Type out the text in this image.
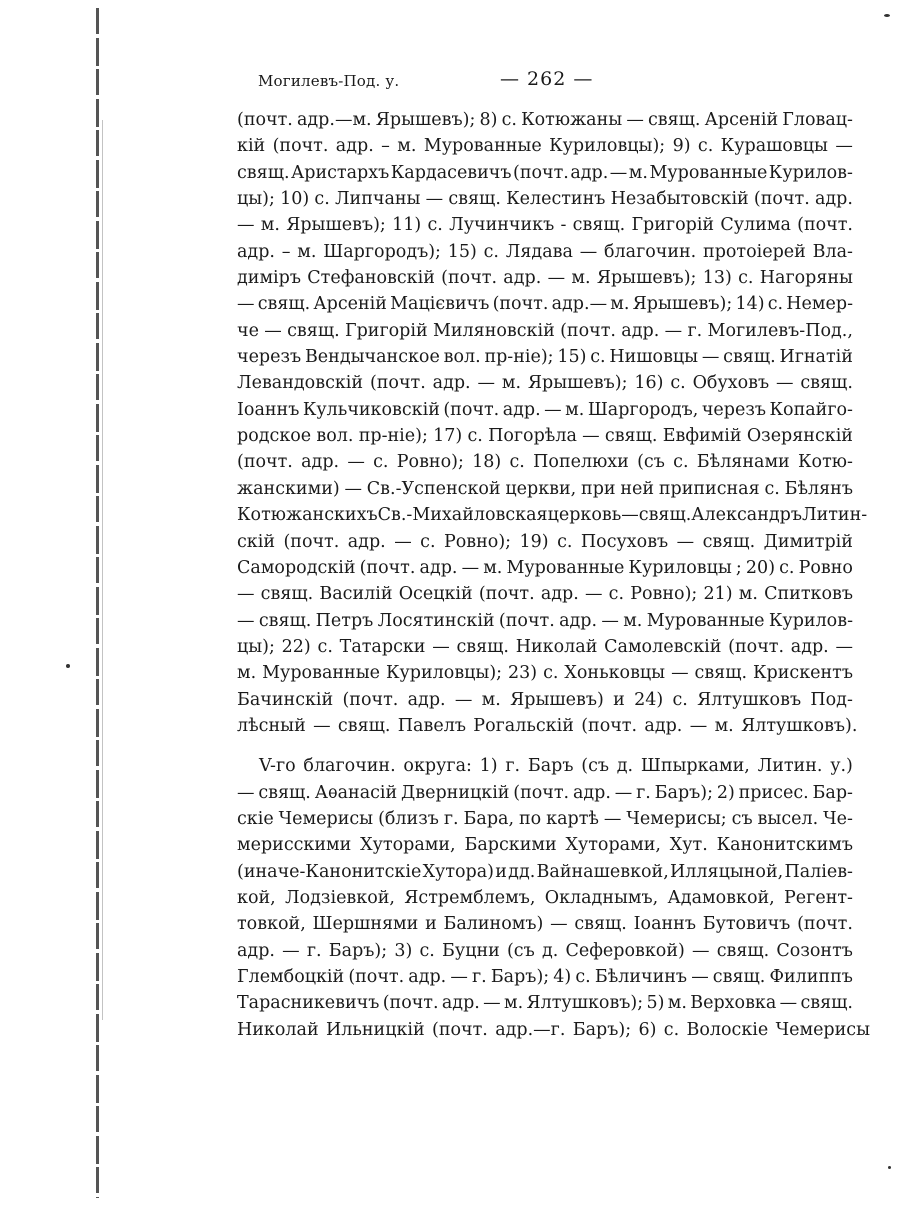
Могилевъ-Под. у.	— 262 —
(почт. адр.—м. Ярышевъ); 8) с. Котюжаны — свящ. Арсеній Гловац-
кій (почт. адр. – м. Мурованные Куриловцы); 9) с. Курашовцы —
свящ. Аристархъ Кардасевичъ (почт. адр. — м. Мурованные Курилов-
цы); 10) с. Липчаны — свящ. Келестинъ Незабытовскій (почт. адр.
— м. Ярышевъ); 11) с. Лучинчикъ - свящ. Григорій Сулима (почт.
адр. – м. Шаргородъ); 15) с. Лядава — благочин. протоіерей Вла-
диміръ Стефановскій (почт. адр. — м. Ярышевъ); 13) с. Нагоряны
— свящ. Арсеній Мацієвичъ (почт. адр.— м. Ярышевъ); 14) с. Немер-
че — свящ. Григорій Миляновскій (почт. адр. — г. Могилевъ-Под.,
черезъ Вендычанское вол. пр-ніе); 15) с. Нишовцы — свящ. Игнатій
Левандовскій (почт. адр. — м. Ярышевъ); 16) с. Обуховъ — свящ.
Іоаннъ Кульчиковскій (почт. адр. — м. Шаргородъ, черезъ Копайго-
родское вол. пр-ніе); 17) с. Погорѣла — свящ. Евфимій Озерянскій
(почт. адр. — с. Ровно); 18) с. Попелюхи (съ с. Бѣлянами Котю-
жанскими) — Св.-Успенской церкви, при ней приписная с. Бѣлянъ
Котюжанскихъ Св.-Михайловская церковь — свящ. Александръ Литин-
скій (почт. адр. — с. Ровно); 19) с. Посуховъ — свящ. Димитрій
Самородскій (почт. адр. — м. Мурованные Куриловцы ; 20) с. Ровно
— свящ. Василій Осецкій (почт. адр. — с. Ровно); 21) м. Спитковъ
— свящ. Петръ Лосятинскій (почт. адр. — м. Мурованные Курилов-
цы); 22) с. Татарски — свящ. Николай Самолевскій (почт. адр. —
м. Мурованные Куриловцы); 23) с. Хоньковцы — свящ. Крискентъ
Бачинскій (почт. адр. — м. Ярышевъ) и 24) с. Ялтушковъ Под-
лѣсный — свящ. Павелъ Рогальскій (почт. адр. — м. Ялтушковъ).
V-го благочин. округа: 1) г. Баръ (съ д. Шпырками, Литин. у.)
— свящ. Аѳанасій Дверницкій (почт. адр. — г. Баръ); 2) присес. Бар-
скіе Чемерисы (близъ г. Бара, по картѣ — Чемерисы; съ высел. Че-
мерисскими Хуторами, Барскими Хуторами, Хут. Канонитскимъ
(иначе-Канонитскіе Хутора) и дд. Вайнашевкой, Илляцыной, Паліев-
кой, Лодзіевкой, Ястремблемъ, Окладнымъ, Адамовкой, Регент-
товкой, Шершнями и Балиномъ) — свящ. Іоаннъ Бутовичъ (почт.
адр. — г. Баръ); 3) с. Буцни (съ д. Сеферовкой) — свящ. Созонтъ
Глембоцкій (почт. адр. — г. Баръ); 4) с. Бѣличинъ — свящ. Филиппъ
Тарасникевичъ (почт. адр. — м. Ялтушковъ); 5) м. Верховка — свящ.
Николай Ильницкій (почт. адр.—г. Баръ); 6) с. Волоскіе Чемерисы
